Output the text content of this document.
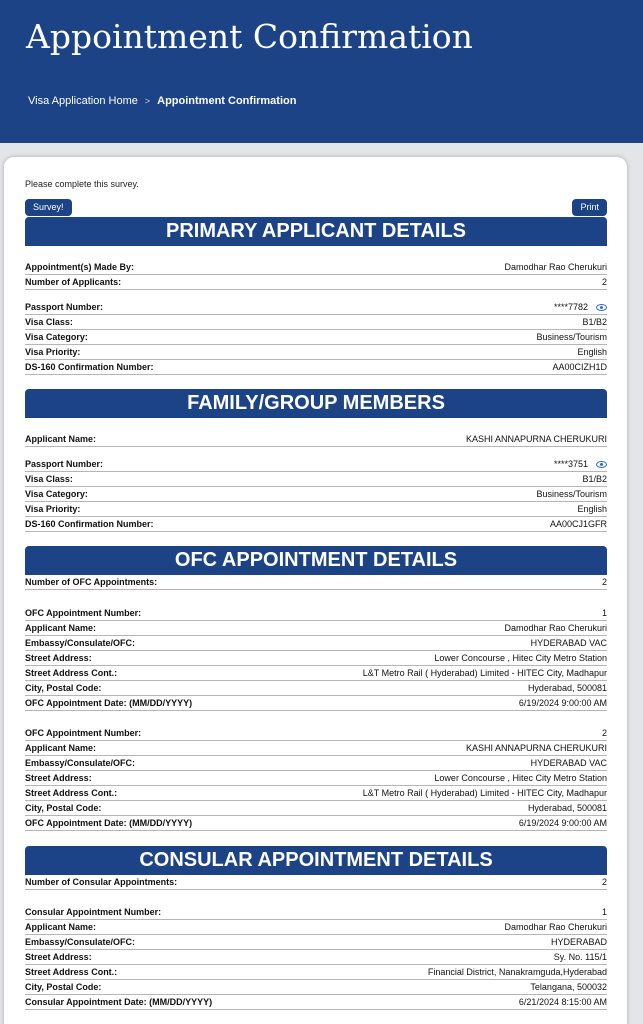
Appointment Confirmation
Visa Application Home > Appointment Confirmation
Please complete this survey.
Survey!	Print
PRIMARY APPLICANT DETAILS
Appointment(s) Made By:	Damodhar Rao Cherukuri
Number of Applicants:	2
Passport Number:	****7782
Visa Class:	B1/B2
Visa Category:	Business/Tourism
Visa Priority:	English
DS-160 Confirmation Number:	AA00CIZH1D
FAMILY/GROUP MEMBERS
Applicant Name:	KASHI ANNAPURNA CHERUKURI
Passport Number:	****3751
Visa Class:	B1/B2
Visa Category:	Business/Tourism
Visa Priority:	English
DS-160 Confirmation Number:	AA00CJ1GFR
OFC APPOINTMENT DETAILS
Number of OFC Appointments:	2
OFC Appointment Number:	1
Applicant Name:	Damodhar Rao Cherukuri
Embassy/Consulate/OFC:	HYDERABAD VAC
Street Address:	Lower Concourse , Hitec City Metro Station
Street Address Cont.:	L&T Metro Rail ( Hyderabad) Limited - HITEC City, Madhapur
City, Postal Code:	Hyderabad, 500081
OFC Appointment Date: (MM/DD/YYYY)	6/19/2024 9:00:00 AM
OFC Appointment Number:	2
Applicant Name:	KASHI ANNAPURNA CHERUKURI
Embassy/Consulate/OFC:	HYDERABAD VAC
Street Address:	Lower Concourse , Hitec City Metro Station
Street Address Cont.:	L&T Metro Rail ( Hyderabad) Limited - HITEC City, Madhapur
City, Postal Code:	Hyderabad, 500081
OFC Appointment Date: (MM/DD/YYYY)	6/19/2024 9:00:00 AM
CONSULAR APPOINTMENT DETAILS
Number of Consular Appointments:	2
Consular Appointment Number:	1
Applicant Name:	Damodhar Rao Cherukuri
Embassy/Consulate/OFC:	HYDERABAD
Street Address:	Sy. No. 115/1
Street Address Cont.:	Financial District, Nanakramguda,Hyderabad
City, Postal Code:	Telangana, 500032
Consular Appointment Date: (MM/DD/YYYY)	6/21/2024 8:15:00 AM
